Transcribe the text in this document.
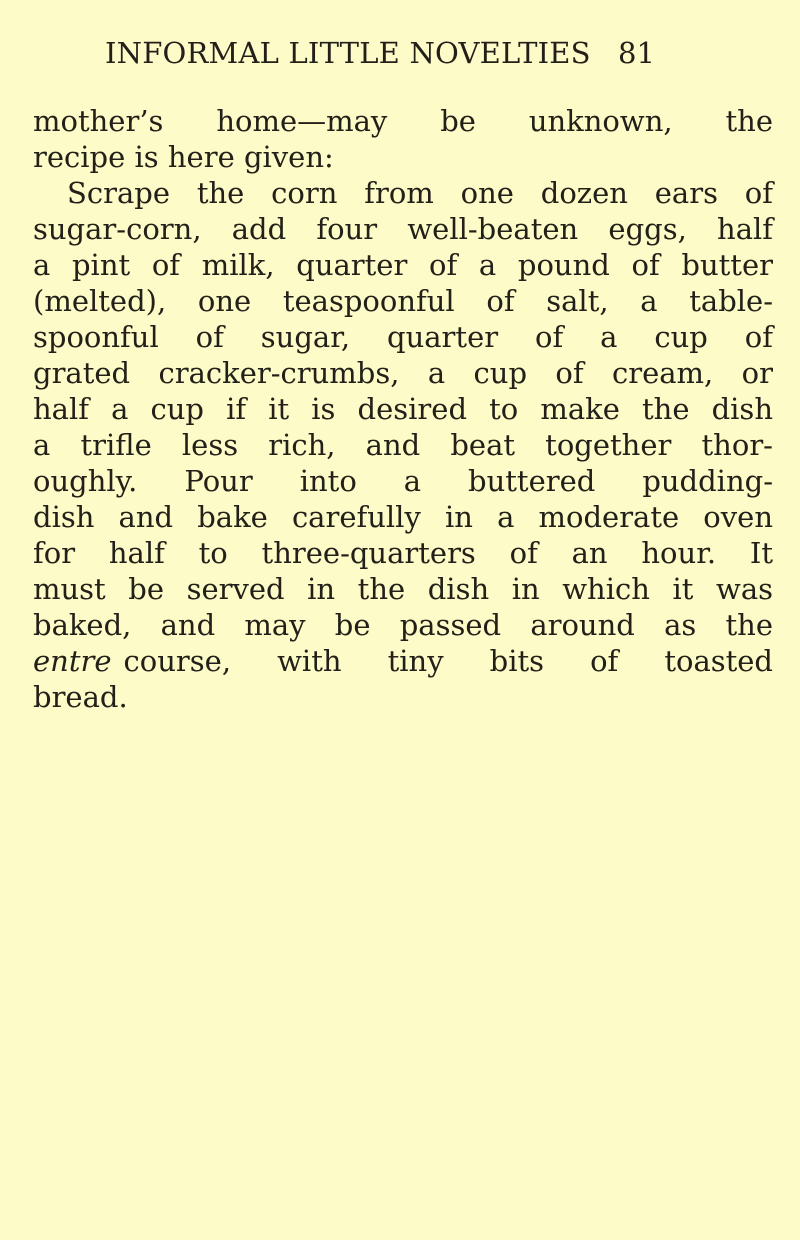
INFORMAL LITTLE NOVELTIES 81
mother’s home—may be unknown, the
recipe is here given:
Scrape the corn from one dozen ears of
sugar-corn, add four well-beaten eggs, half
a pint of milk, quarter of a pound of butter
(melted), one teaspoonful of salt, a table-
spoonful of sugar, quarter of a cup of
grated cracker-crumbs, a cup of cream, or
half a cup if it is desired to make the dish
a trifle less rich, and beat together thor-
oughly. Pour into a buttered pudding-
dish and bake carefully in a moderate oven
for half to three-quarters of an hour. It
must be served in the dish in which it was
baked, and may be passed around as the
entre course, with tiny bits of toasted
bread.
